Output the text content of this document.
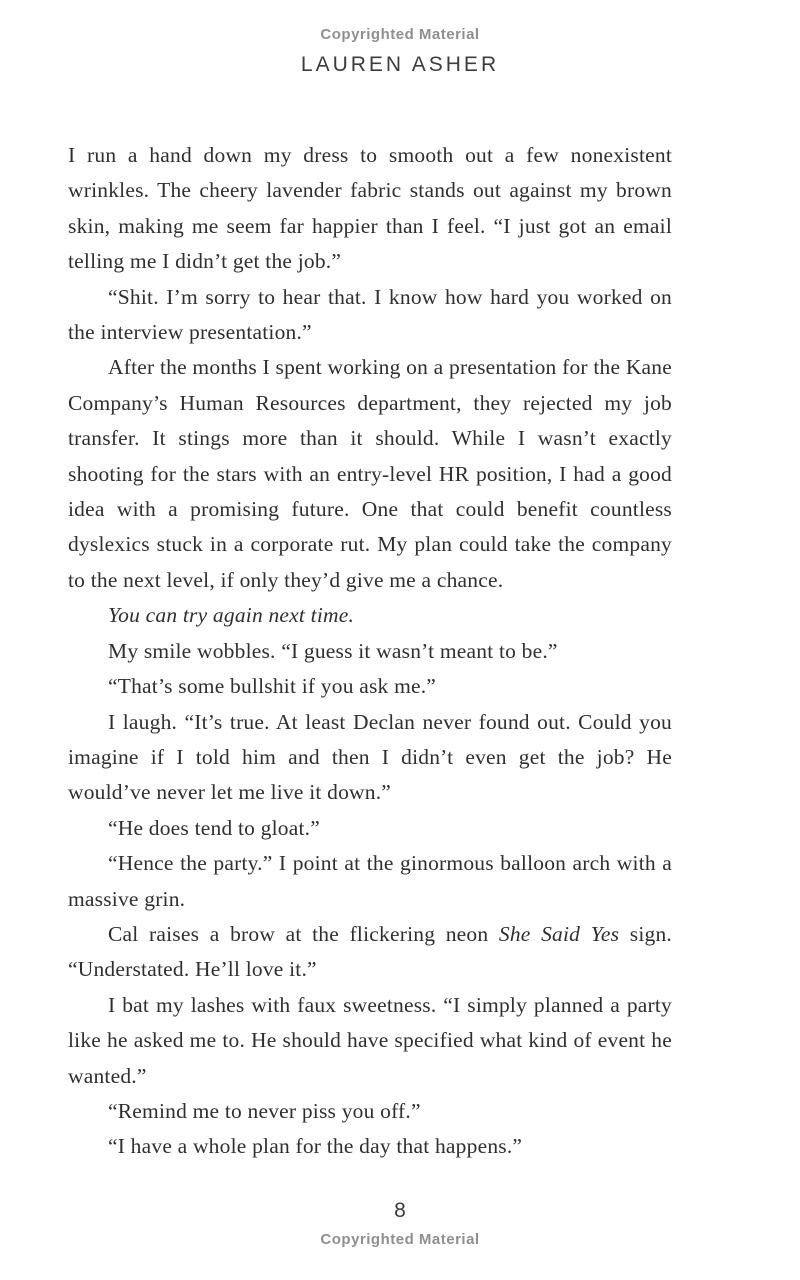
Copyrighted Material
LAUREN ASHER

I run a hand down my dress to smooth out a few nonexistent wrinkles. The cheery lavender fabric stands out against my brown skin, making me seem far happier than I feel. “I just got an email telling me I didn’t get the job.”

“Shit. I’m sorry to hear that. I know how hard you worked on the interview presentation.”

After the months I spent working on a presentation for the Kane Company’s Human Resources department, they rejected my job transfer. It stings more than it should. While I wasn’t exactly shooting for the stars with an entry-level HR position, I had a good idea with a promising future. One that could benefit countless dyslexics stuck in a corporate rut. My plan could take the company to the next level, if only they’d give me a chance.

You can try again next time.

My smile wobbles. “I guess it wasn’t meant to be.”

“That’s some bullshit if you ask me.”

I laugh. “It’s true. At least Declan never found out. Could you imagine if I told him and then I didn’t even get the job? He would’ve never let me live it down.”

“He does tend to gloat.”

“Hence the party.” I point at the ginormous balloon arch with a massive grin.

Cal raises a brow at the flickering neon She Said Yes sign. “Understated. He’ll love it.”

I bat my lashes with faux sweetness. “I simply planned a party like he asked me to. He should have specified what kind of event he wanted.”

“Remind me to never piss you off.”

“I have a whole plan for the day that happens.”

8
Copyrighted Material
